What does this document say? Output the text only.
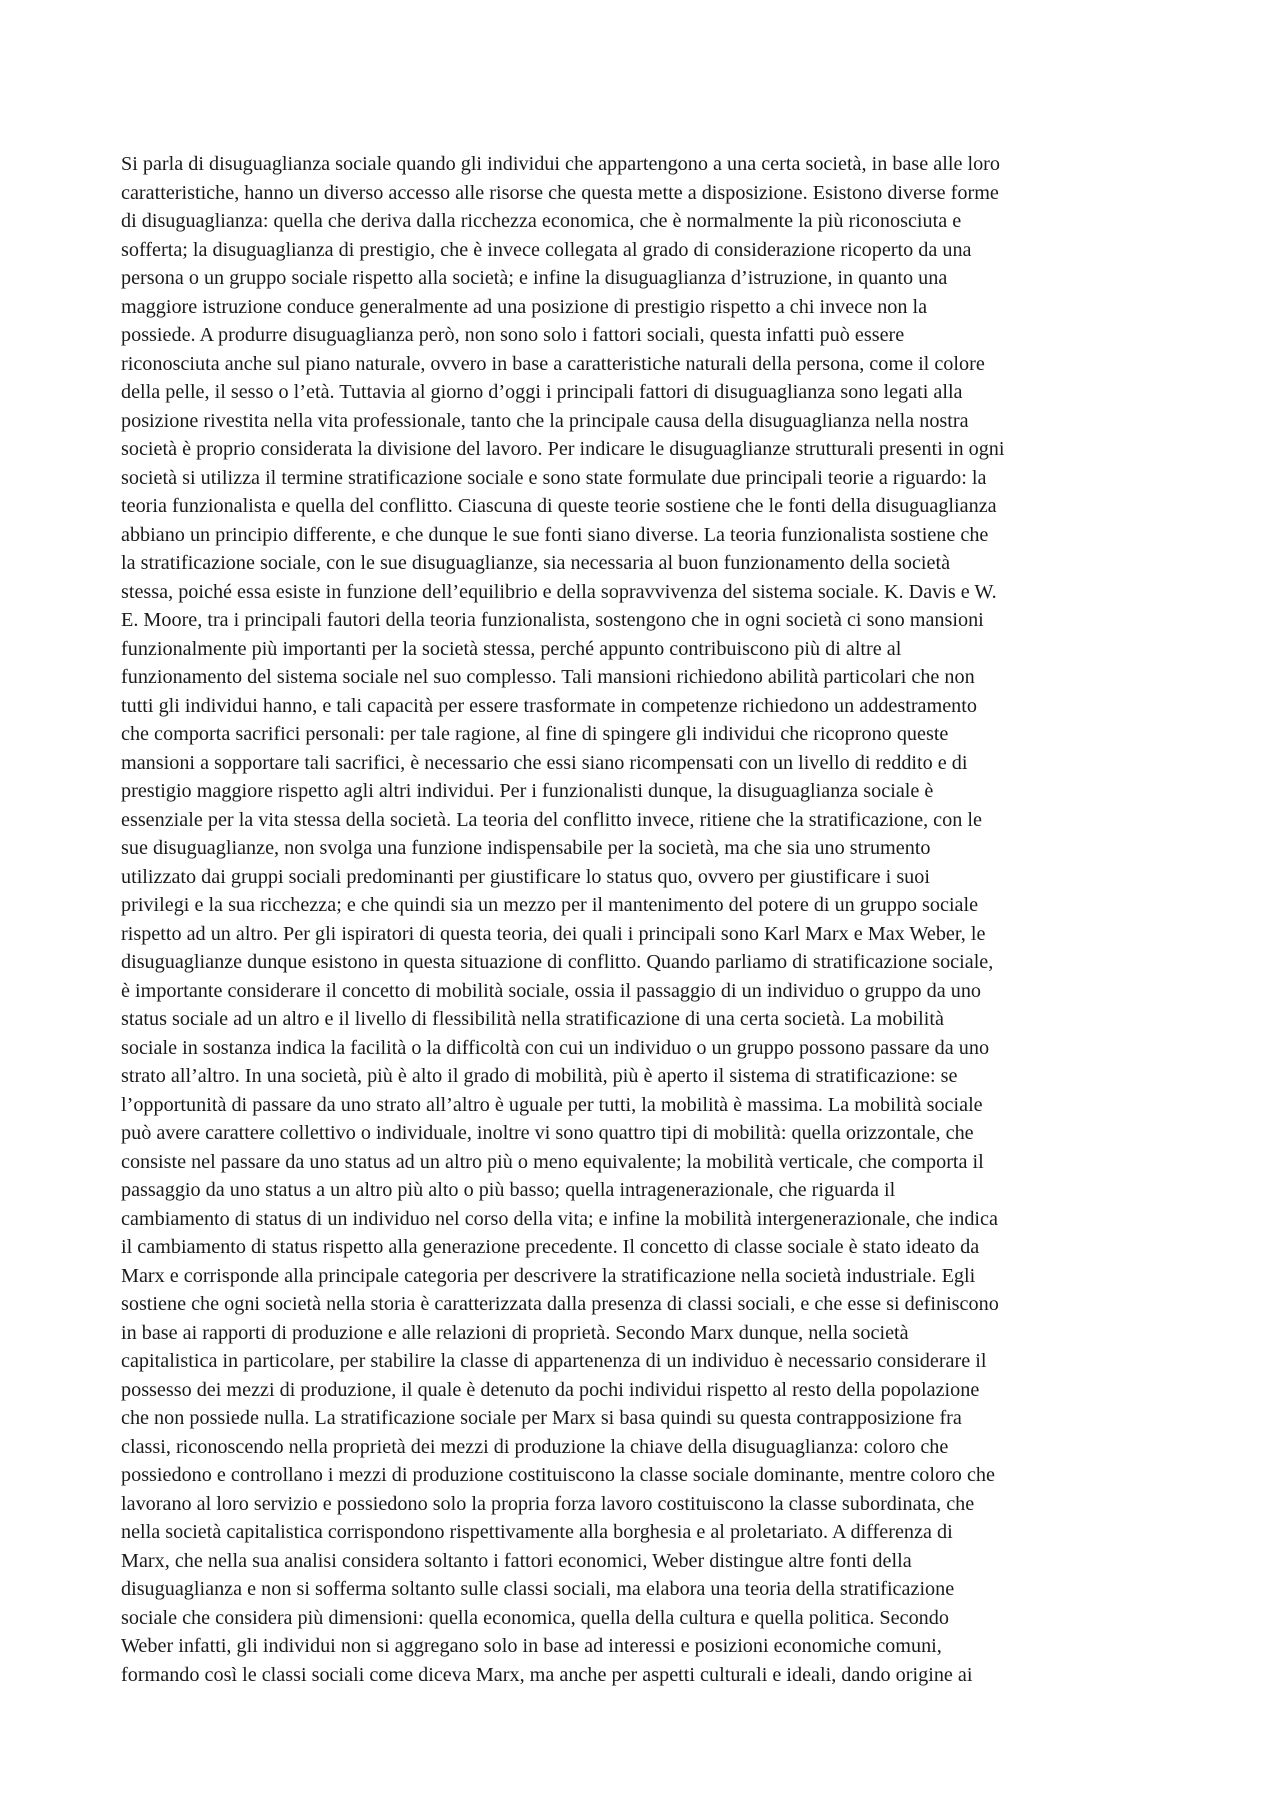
Si parla di disuguaglianza sociale quando gli individui che appartengono a una certa società, in base alle loro
caratteristiche, hanno un diverso accesso alle risorse che questa mette a disposizione. Esistono diverse forme
di disuguaglianza: quella che deriva dalla ricchezza economica, che è normalmente la più riconosciuta e
sofferta; la disuguaglianza di prestigio, che è invece collegata al grado di considerazione ricoperto da una
persona o un gruppo sociale rispetto alla società; e infine la disuguaglianza d’istruzione, in quanto una
maggiore istruzione conduce generalmente ad una posizione di prestigio rispetto a chi invece non la
possiede. A produrre disuguaglianza però, non sono solo i fattori sociali, questa infatti può essere
riconosciuta anche sul piano naturale, ovvero in base a caratteristiche naturali della persona, come il colore
della pelle, il sesso o l’età. Tuttavia al giorno d’oggi i principali fattori di disuguaglianza sono legati alla
posizione rivestita nella vita professionale, tanto che la principale causa della disuguaglianza nella nostra
società è proprio considerata la divisione del lavoro. Per indicare le disuguaglianze strutturali presenti in ogni
società si utilizza il termine stratificazione sociale e sono state formulate due principali teorie a riguardo: la
teoria funzionalista e quella del conflitto. Ciascuna di queste teorie sostiene che le fonti della disuguaglianza
abbiano un principio differente, e che dunque le sue fonti siano diverse. La teoria funzionalista sostiene che
la stratificazione sociale, con le sue disuguaglianze, sia necessaria al buon funzionamento della società
stessa, poiché essa esiste in funzione dell’equilibrio e della sopravvivenza del sistema sociale. K. Davis e W.
E. Moore, tra i principali fautori della teoria funzionalista, sostengono che in ogni società ci sono mansioni
funzionalmente più importanti per la società stessa, perché appunto contribuiscono più di altre al
funzionamento del sistema sociale nel suo complesso. Tali mansioni richiedono abilità particolari che non
tutti gli individui hanno, e tali capacità per essere trasformate in competenze richiedono un addestramento
che comporta sacrifici personali: per tale ragione, al fine di spingere gli individui che ricoprono queste
mansioni a sopportare tali sacrifici, è necessario che essi siano ricompensati con un livello di reddito e di
prestigio maggiore rispetto agli altri individui. Per i funzionalisti dunque, la disuguaglianza sociale è
essenziale per la vita stessa della società. La teoria del conflitto invece, ritiene che la stratificazione, con le
sue disuguaglianze, non svolga una funzione indispensabile per la società, ma che sia uno strumento
utilizzato dai gruppi sociali predominanti per giustificare lo status quo, ovvero per giustificare i suoi
privilegi e la sua ricchezza; e che quindi sia un mezzo per il mantenimento del potere di un gruppo sociale
rispetto ad un altro. Per gli ispiratori di questa teoria, dei quali i principali sono Karl Marx e Max Weber, le
disuguaglianze dunque esistono in questa situazione di conflitto. Quando parliamo di stratificazione sociale,
è importante considerare il concetto di mobilità sociale, ossia il passaggio di un individuo o gruppo da uno
status sociale ad un altro e il livello di flessibilità nella stratificazione di una certa società. La mobilità
sociale in sostanza indica la facilità o la difficoltà con cui un individuo o un gruppo possono passare da uno
strato all’altro. In una società, più è alto il grado di mobilità, più è aperto il sistema di stratificazione: se
l’opportunità di passare da uno strato all’altro è uguale per tutti, la mobilità è massima. La mobilità sociale
può avere carattere collettivo o individuale, inoltre vi sono quattro tipi di mobilità: quella orizzontale, che
consiste nel passare da uno status ad un altro più o meno equivalente; la mobilità verticale, che comporta il
passaggio da uno status a un altro più alto o più basso; quella intragenerazionale, che riguarda il
cambiamento di status di un individuo nel corso della vita; e infine la mobilità intergenerazionale, che indica
il cambiamento di status rispetto alla generazione precedente. Il concetto di classe sociale è stato ideato da
Marx e corrisponde alla principale categoria per descrivere la stratificazione nella società industriale. Egli
sostiene che ogni società nella storia è caratterizzata dalla presenza di classi sociali, e che esse si definiscono
in base ai rapporti di produzione e alle relazioni di proprietà. Secondo Marx dunque, nella società
capitalistica in particolare, per stabilire la classe di appartenenza di un individuo è necessario considerare il
possesso dei mezzi di produzione, il quale è detenuto da pochi individui rispetto al resto della popolazione
che non possiede nulla. La stratificazione sociale per Marx si basa quindi su questa contrapposizione fra
classi, riconoscendo nella proprietà dei mezzi di produzione la chiave della disuguaglianza: coloro che
possiedono e controllano i mezzi di produzione costituiscono la classe sociale dominante, mentre coloro che
lavorano al loro servizio e possiedono solo la propria forza lavoro costituiscono la classe subordinata, che
nella società capitalistica corrispondono rispettivamente alla borghesia e al proletariato. A differenza di
Marx, che nella sua analisi considera soltanto i fattori economici, Weber distingue altre fonti della
disuguaglianza e non si sofferma soltanto sulle classi sociali, ma elabora una teoria della stratificazione
sociale che considera più dimensioni: quella economica, quella della cultura e quella politica. Secondo
Weber infatti, gli individui non si aggregano solo in base ad interessi e posizioni economiche comuni,
formando così le classi sociali come diceva Marx, ma anche per aspetti culturali e ideali, dando origine ai
